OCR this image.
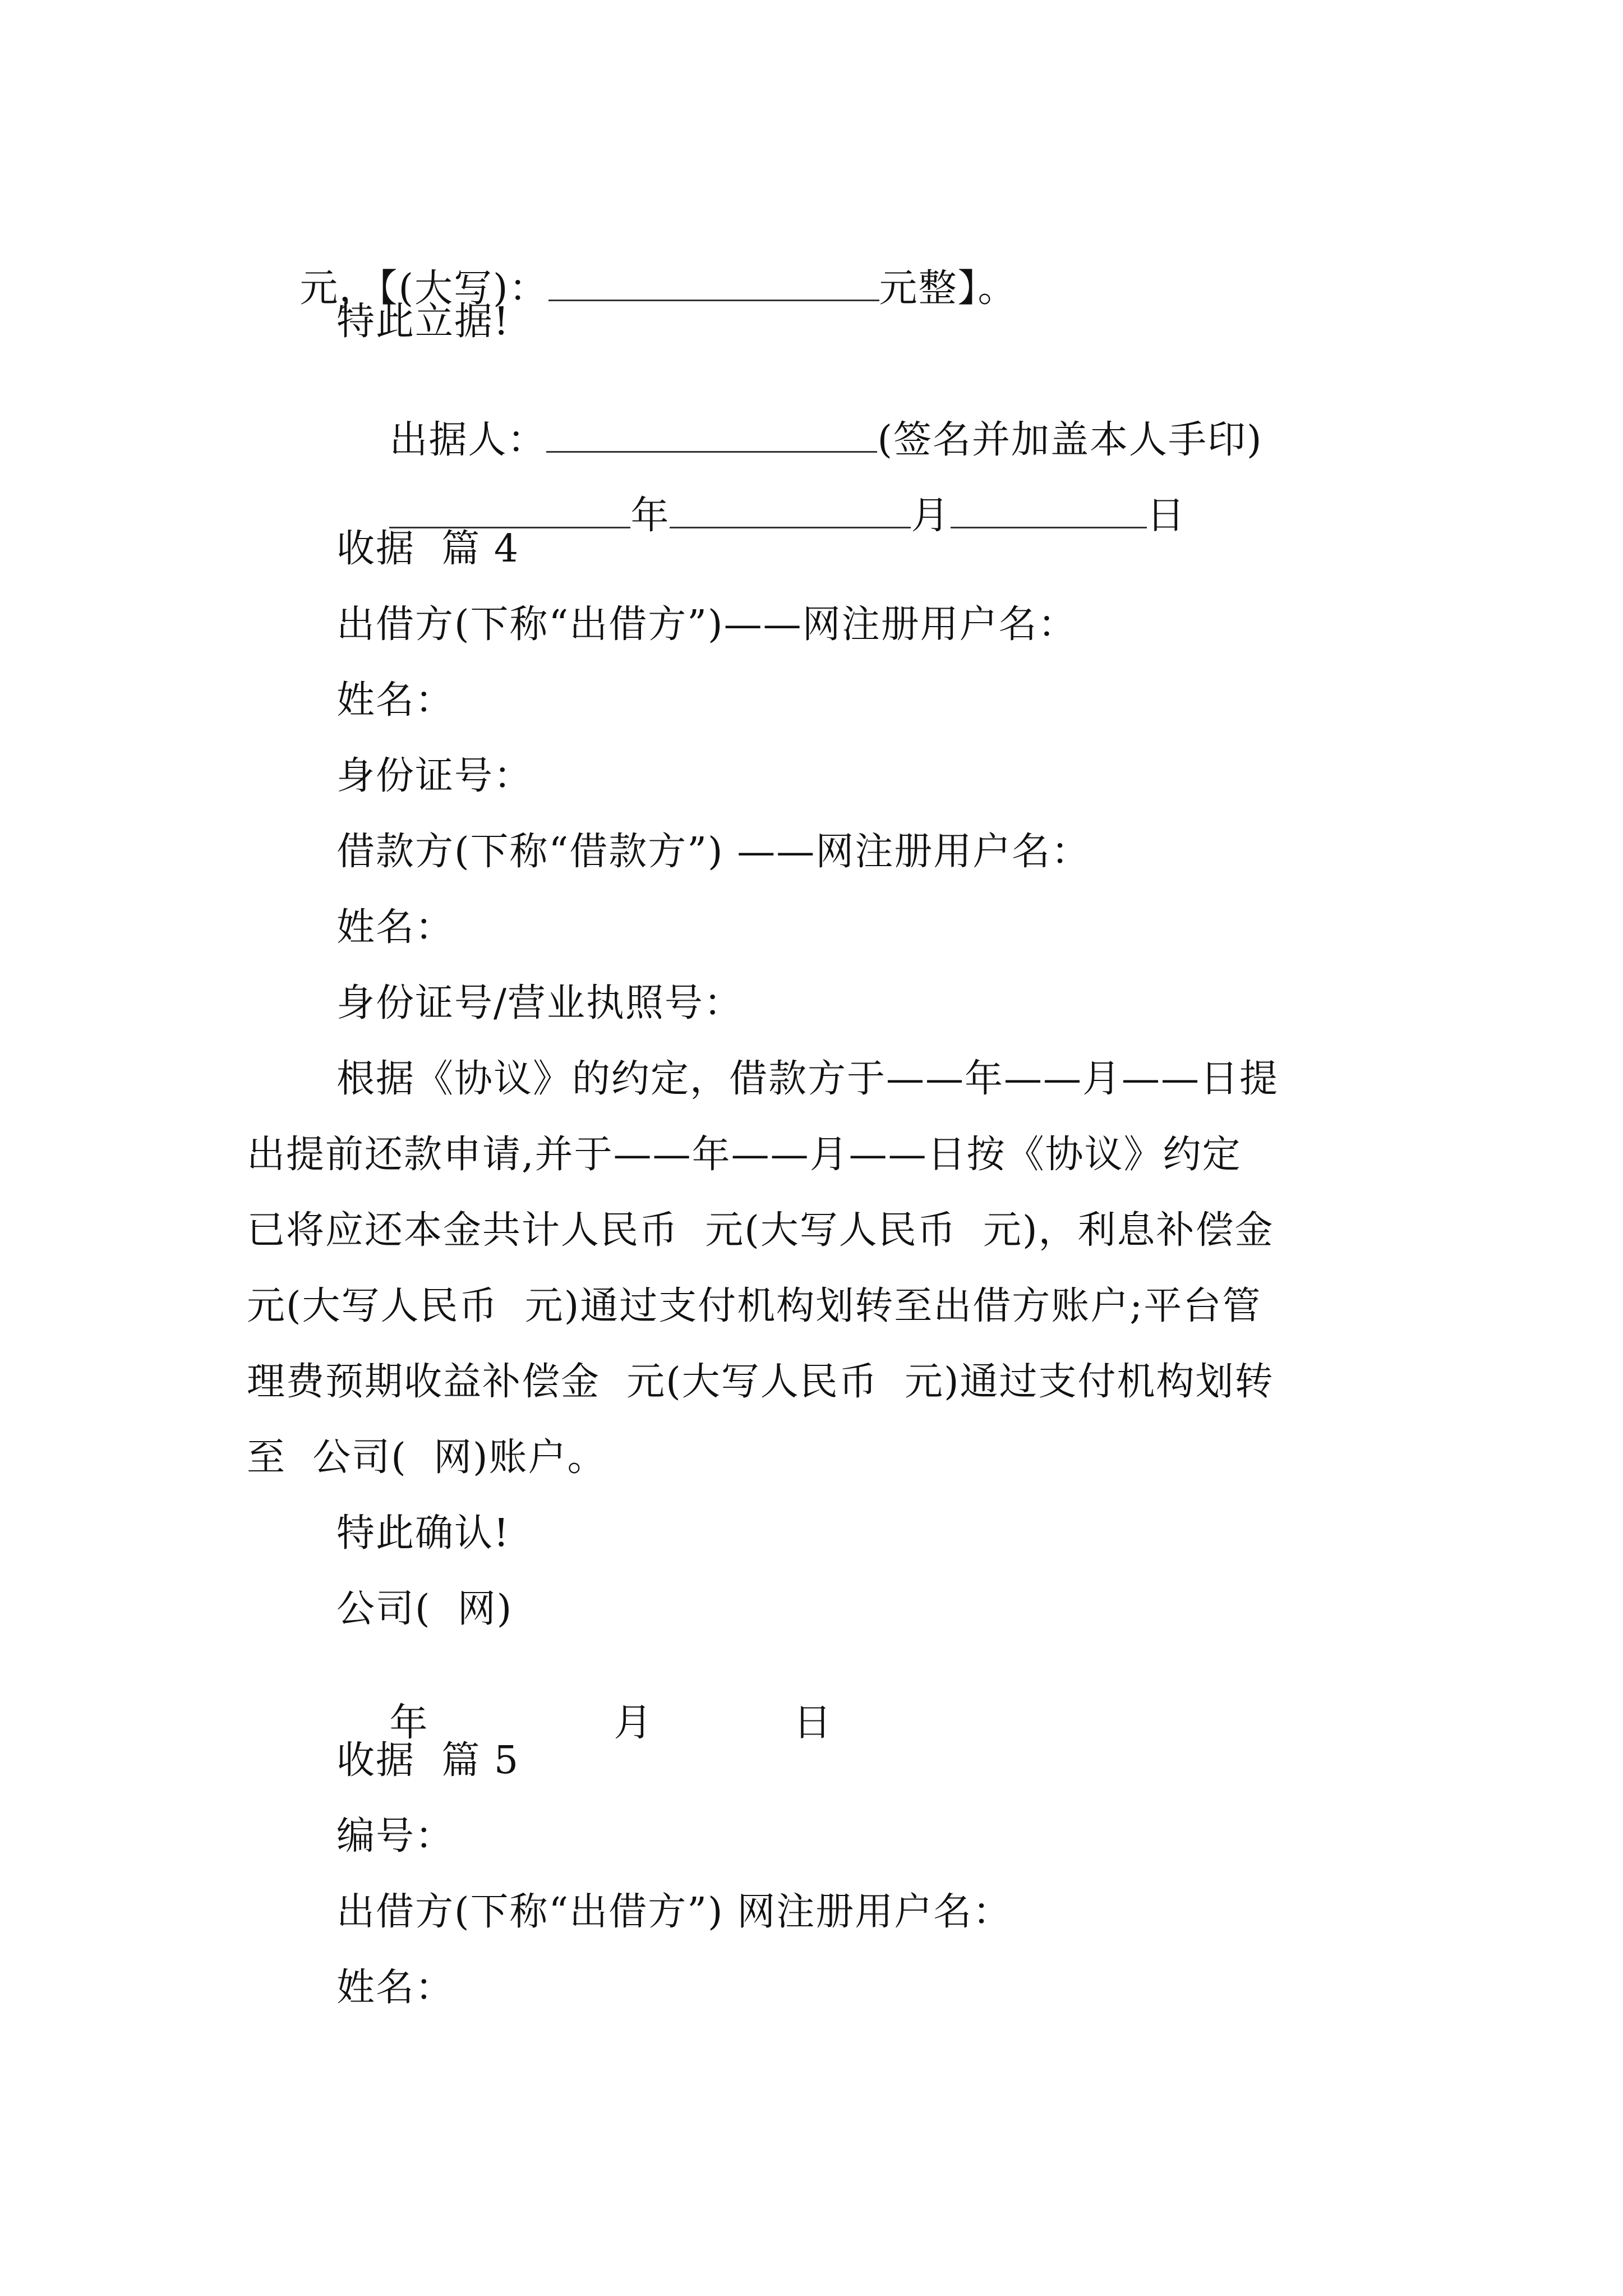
元，【(大写)：	元整】。

特此立据!

出据人：	(签名并加盖本人手印)

年	月	日

收据  篇 4
出借方(下称“出借方”)——网注册用户名：
姓名：
身份证号：
借款方(下称“借款方”) ——网注册用户名：
姓名：
身份证号/营业执照号：
根据《协议》的约定，借款方于——年——月——日提
出提前还款申请,并于——年——月——日按《协议》约定
已将应还本金共计人民币  元(大写人民币  元)，利息补偿金
元(大写人民币  元)通过支付机构划转至出借方账户;平台管
理费预期收益补偿金  元(大写人民币  元)通过支付机构划转
至  公司(  网)账户。
特此确认!
公司(  网)

年	月	日

收据  篇 5
编号：
出借方(下称“出借方”) 网注册用户名：
姓名：
